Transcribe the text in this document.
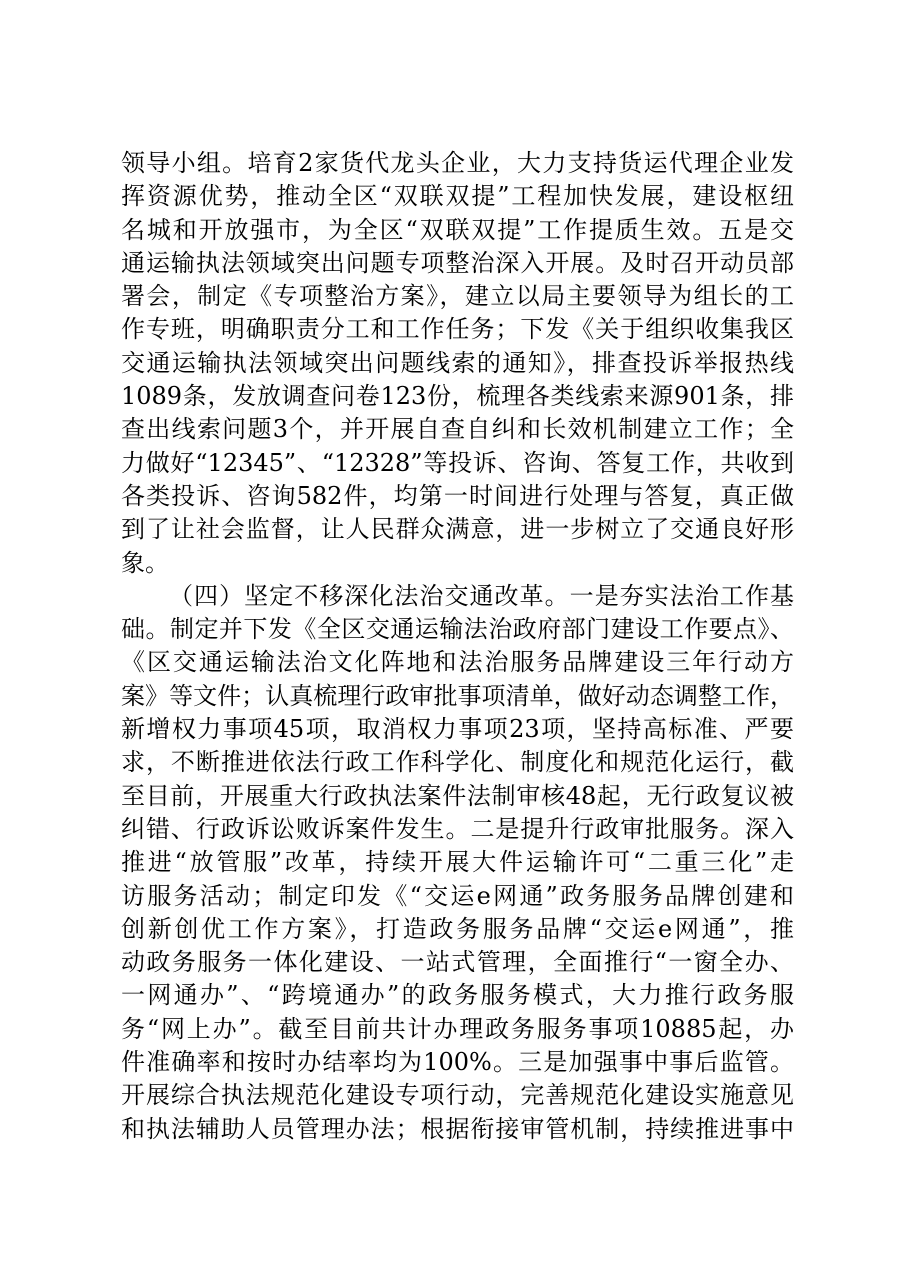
领导小组。培育2家货代龙头企业，大力支持货运代理企业发
挥资源优势，推动全区“双联双提”工程加快发展，建设枢纽
名城和开放强市，为全区“双联双提”工作提质生效。五是交
通运输执法领域突出问题专项整治深入开展。及时召开动员部
署会，制定《专项整治方案》，建立以局主要领导为组长的工
作专班，明确职责分工和工作任务；下发《关于组织收集我区
交通运输执法领域突出问题线索的通知》，排查投诉举报热线
1089条，发放调查问卷123份，梳理各类线索来源901条，排
查出线索问题3个，并开展自查自纠和长效机制建立工作；全
力做好“12345”、“12328”等投诉、咨询、答复工作，共收到
各类投诉、咨询582件，均第一时间进行处理与答复，真正做
到了让社会监督，让人民群众满意，进一步树立了交通良好形
象。
（四）坚定不移深化法治交通改革。一是夯实法治工作基
础。制定并下发《全区交通运输法治政府部门建设工作要点》、
《区交通运输法治文化阵地和法治服务品牌建设三年行动方
案》等文件；认真梳理行政审批事项清单，做好动态调整工作，
新增权力事项45项，取消权力事项23项，坚持高标准、严要
求，不断推进依法行政工作科学化、制度化和规范化运行，截
至目前，开展重大行政执法案件法制审核48起，无行政复议被
纠错、行政诉讼败诉案件发生。二是提升行政审批服务。深入
推进“放管服”改革，持续开展大件运输许可“二重三化”走
访服务活动；制定印发《“交运e网通”政务服务品牌创建和
创新创优工作方案》，打造政务服务品牌“交运e网通”，推
动政务服务一体化建设、一站式管理，全面推行“一窗全办、
一网通办”、“跨境通办”的政务服务模式，大力推行政务服
务“网上办”。截至目前共计办理政务服务事项10885起，办
件准确率和按时办结率均为100%。三是加强事中事后监管。
开展综合执法规范化建设专项行动，完善规范化建设实施意见
和执法辅助人员管理办法；根据衔接审管机制，持续推进事中
